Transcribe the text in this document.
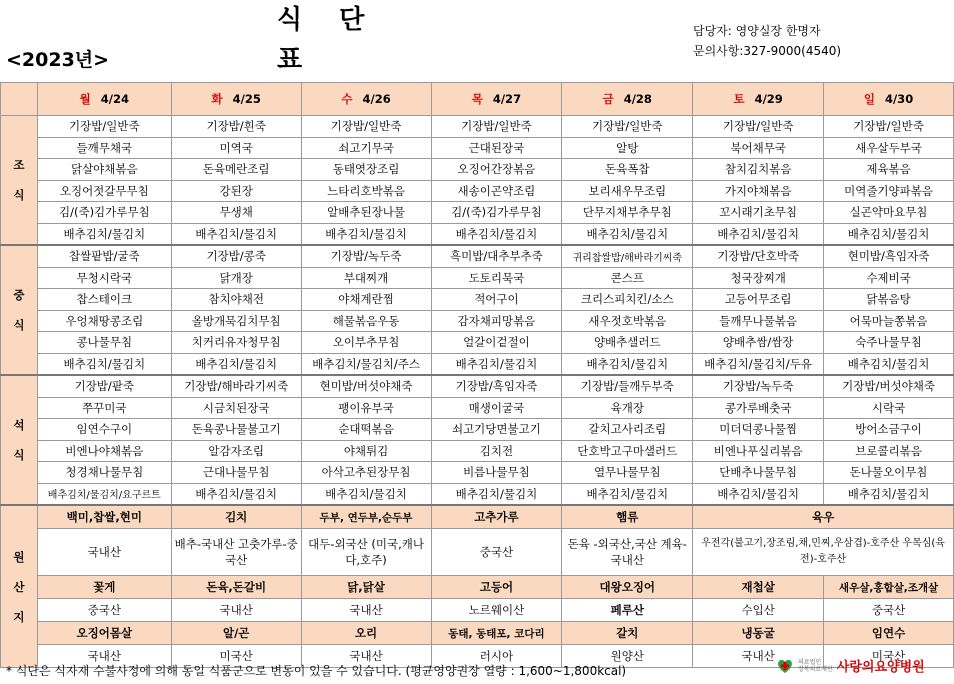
식 단 표
<2023년>
담당자: 영양실장 한명자
문의사항:327-9000(4540)
	월 4/24	화 4/25	수 4/26	목 4/27	금 4/28	토 4/29	일 4/30
조
식	기장밥/일반죽	기장밥/흰죽	기장밥/일반죽	기장밥/일반죽	기장밥/일반죽	기장밥/일반죽	기장밥/일반죽
	들깨무채국	미역국	쇠고기무국	근대된장국	알탕	북어채무국	새우살두부국
	닭살야채볶음	돈육메란조림	동태엿장조림	오징어간장볶음	돈육폭찹	참치김치볶음	제육볶음
	오징어젓갈무무침	강된장	느타리호박볶음	새송이곤약조림	보리새우무조림	가지야채볶음	미역줄기양파볶음
	김/(죽)김가루무침	무생채	알배추된장나물	김/(죽)김가루무침	단무지채부추무침	꼬시래기초무침	실곤약마요무침
	배추김치/물김치	배추김치/물김치	배추김치/물김치	배추김치/물김치	배추김치/물김치	배추김치/물김치	배추김치/물김치
중
식	찹쌀팥밥/굴죽	기장밥/콩죽	기장밥/녹두죽	흑미밥/대추부추죽	귀리찹쌀밥/해바라기씨죽	기장밥/단호박죽	현미밥/흑임자죽
	무청시락국	닭개장	부대찌개	도토리묵국	콘스프	청국장찌개	수제비국
	찹스테이크	참치야채전	야채계란찜	적어구이	크리스피치킨/소스	고등어무조림	닭볶음탕
	우엉채땅콩조림	올방개묵김치무침	해물볶음우동	감자채피망볶음	새우젓호박볶음	들깨무나물볶음	어묵마늘쫑볶음
	콩나물무침	치커리유자청무침	오이부추무침	얼갈이겉절이	양배추샐러드	양배추쌈/쌈장	숙주나물무침
	배추김치/물김치	배추김치/물김치	배추김치/물김치/주스	배추김치/물김치	배추김치/물김치	배추김치/물김치/두유	배추김치/물김치
석
식	기장밥/팥죽	기장밥/해바라기씨죽	현미밥/버섯야채죽	기장밥/흑임자죽	기장밥/들깨두부죽	기장밥/녹두죽	기장밥/버섯야채죽
	쭈꾸미국	시금치된장국	팽이유부국	매생이굴국	육개장	콩가루배춧국	시락국
	임연수구이	돈육콩나물불고기	순대떡볶음	쇠고기당면불고기	갈치고사리조림	미더덕콩나물찜	방어소금구이
	비엔나야채볶음	알감자조림	야채튀김	김치전	단호박고구마샐러드	비엔나푸실리볶음	브로콜리볶음
	청경채나물무침	근대나물무침	아삭고추된장무침	비름나물무침	열무나물무침	단배추나물무침	돈나물오이무침
	배추김치/물김치/요구르트	배추김치/물김치	배추김치/물김치	배추김치/물김치	배추김치/물김치	배추김치/물김치	배추김치/물김치
원
산
지	백미,찹쌀,현미	김치	두부, 연두부,순두부	고추가루	햄류	육우	
	국내산	배추-국내산 고춧가루-중국산	대두-외국산 (미국,캐나다,호주)	중국산	돈육 -외국산,국산 계육-국내산	우전각(불고기,장조림,채,민찌,우삼겹)-호주산 우목심(육전)-호주산	
	꽃게	돈육,돈갈비	닭,닭살	고등어	대왕오징어	재첩살	새우살,홍합살,조개살
	중국산	국내산	국내산	노르웨이산	페루산	수입산	중국산
	오징어몸살	알/곤	오리	동태, 동태포, 코다리	갈치	냉동굴	임연수
	국내산	미국산	국내산	러시아	원양산	국내산	미국산
* 식단은 식자재 수불사정에 의해 동일 식품군으로 변동이 있을 수 있습니다. (평균영양권장 열량 : 1,600~1,800kcal)
의료법인
장복의료재단 사랑의요양병원
